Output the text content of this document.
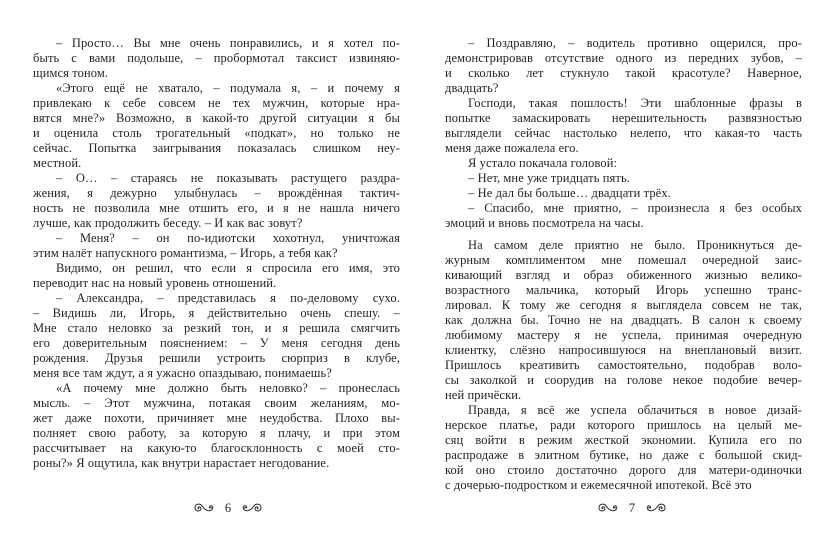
– Просто… Вы мне очень понравились, и я хотел по-
быть с вами подольше, – пробормотал таксист извиняю-
щимся тоном.
«Этого ещё не хватало, – подумала я, – и почему я
привлекаю к себе совсем не тех мужчин, которые нра-
вятся мне?» Возможно, в какой-то другой ситуации я бы
и оценила столь трогательный «подкат», но только не
сейчас. Попытка заигрывания показалась слишком неу-
местной.
– О… – стараясь не показывать растущего раздра-
жения, я дежурно улыбнулась – врождённая тактич-
ность не позволила мне отшить его, и я не нашла ничего
лучше, как продолжить беседу. – И как вас зовут?
– Меня? – он по-идиотски хохотнул, уничтожая
этим налёт напускного романтизма, – Игорь, а тебя как?
Видимо, он решил, что если я спросила его имя, это
переводит нас на новый уровень отношений.
– Александра, – представилась я по-деловому сухо.
– Видишь ли, Игорь, я действительно очень спешу. –
Мне стало неловко за резкий тон, и я решила смягчить
его доверительным пояснением: – У меня сегодня день
рождения. Друзья решили устроить сюрприз в клубе,
меня все там ждут, а я ужасно опаздываю, понимаешь?
«А почему мне должно быть неловко? – пронеслась
мысль. – Этот мужчина, потакая своим желаниям, мо-
жет даже похоти, причиняет мне неудобства. Плохо вы-
полняет свою работу, за которую я плачу, и при этом
рассчитывает на какую-то благосклонность с моей сто-
роны?» Я ощутила, как внутри нарастает негодование.
6
– Поздравляю, – водитель противно ощерился, про-
демонстрировав отсутствие одного из передних зубов, –
и сколько лет стукнуло такой красотуле? Наверное,
двадцать?
Господи, такая пошлость! Эти шаблонные фразы в
попытке замаскировать нерешительность развязностью
выглядели сейчас настолько нелепо, что какая-то часть
меня даже пожалела его.
Я устало покачала головой:
– Нет, мне уже тридцать пять.
– Не дал бы больше… двадцати трёх.
– Спасибо, мне приятно, – произнесла я без особых
эмоций и вновь посмотрела на часы.
На самом деле приятно не было. Проникнуться де-
журным комплиментом мне помешал очередной заис-
кивающий взгляд и образ обиженного жизнью велико-
возрастного мальчика, который Игорь успешно транс-
лировал. К тому же сегодня я выглядела совсем не так,
как должна бы. Точно не на двадцать. В салон к своему
любимому мастеру я не успела, принимая очередную
клиентку, слёзно напросившуюся на внеплановый визит.
Пришлось креативить самостоятельно, подобрав воло-
сы заколкой и соорудив на голове некое подобие вечер-
ней причёски.
Правда, я всё же успела облачиться в новое дизай-
нерское платье, ради которого пришлось на целый ме-
сяц войти в режим жесткой экономии. Купила его по
распродаже в элитном бутике, но даже с большой скид-
кой оно стоило достаточно дорого для матери-одиночки
с дочерью-подростком и ежемесячной ипотекой. Всё это
7
